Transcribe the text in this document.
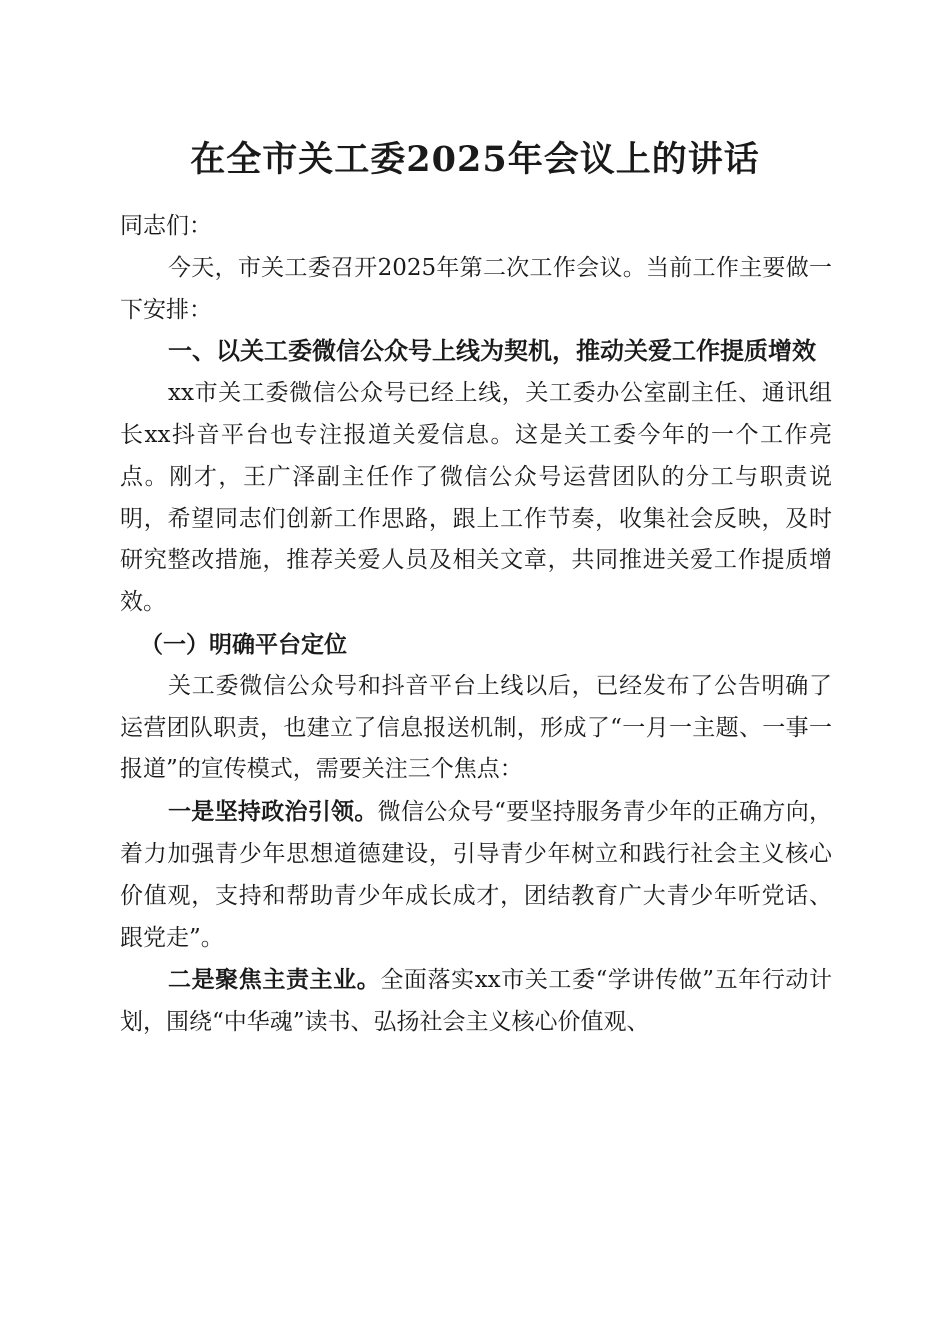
在全市关工委2025年会议上的讲话

同志们：

今天，市关工委召开2025年第二次工作会议。当前工作主要做一下安排：

一、以关工委微信公众号上线为契机，推动关爱工作提质增效

xx市关工委微信公众号已经上线，关工委办公室副主任、通讯组长xx抖音平台也专注报道关爱信息。这是关工委今年的一个工作亮点。刚才，王广泽副主任作了微信公众号运营团队的分工与职责说明，希望同志们创新工作思路，跟上工作节奏，收集社会反映，及时研究整改措施，推荐关爱人员及相关文章，共同推进关爱工作提质增效。

（一）明确平台定位

关工委微信公众号和抖音平台上线以后，已经发布了公告明确了运营团队职责，也建立了信息报送机制，形成了“一月一主题、一事一报道”的宣传模式，需要关注三个焦点：

一是坚持政治引领。微信公众号“要坚持服务青少年的正确方向，着力加强青少年思想道德建设，引导青少年树立和践行社会主义核心价值观，支持和帮助青少年成长成才，团结教育广大青少年听党话、跟党走”。

二是聚焦主责主业。全面落实xx市关工委“学讲传做”五年行动计划，围绕“中华魂”读书、弘扬社会主义核心价值观、
